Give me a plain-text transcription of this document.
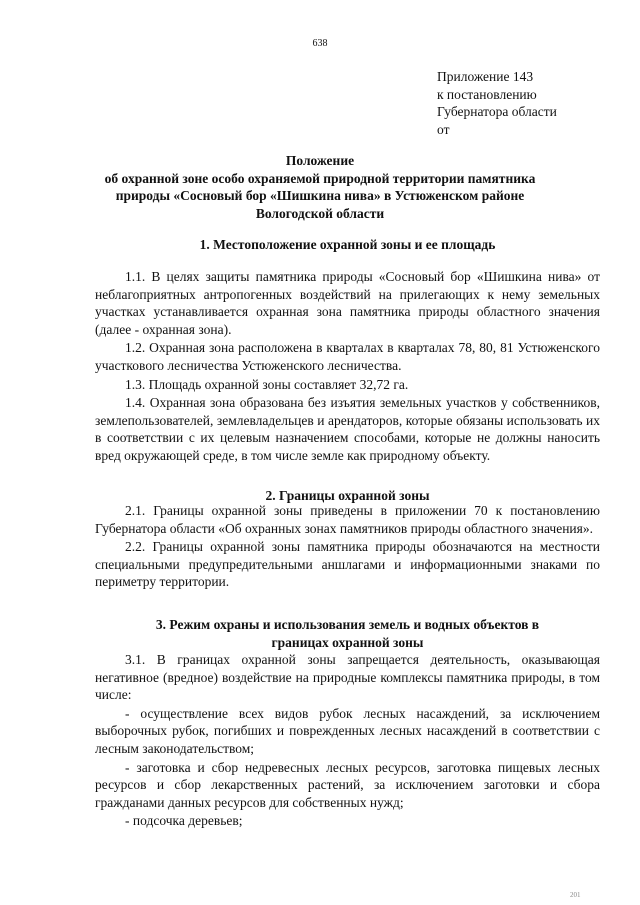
638
Приложение 143
к постановлению
Губернатора области
от
Положение
об охранной зоне особо охраняемой природной территории памятника
природы «Сосновый бор «Шишкина нива» в Устюженском районе
Вологодской области
1. Местоположение охранной зоны и ее площадь

1.1. В целях защиты памятника природы «Сосновый бор «Шишкина нива» от неблагоприятных антропогенных воздействий на прилегающих к нему земельных участках устанавливается охранная зона памятника природы областного значения (далее - охранная зона).

1.2. Охранная зона расположена в кварталах в кварталах 78, 80, 81 Устюженского участкового лесничества Устюженского лесничества.

1.3. Площадь охранной зоны составляет 32,72 га.

1.4. Охранная зона образована без изъятия земельных участков у собственников, землепользователей, землевладельцев и арендаторов, которые обязаны использовать их в соответствии с их целевым назначением способами, которые не должны наносить вред окружающей среде, в том числе земле как природному объекту.

2. Границы охранной зоны

2.1. Границы охранной зоны приведены в приложении 70 к постановлению Губернатора области «Об охранных зонах памятников природы областного значения».

2.2. Границы охранной зоны памятника природы обозначаются на местности специальными предупредительными аншлагами и информационными знаками по периметру территории.

3. Режим охраны и использования земель и водных объектов в
границах охранной зоны

3.1. В границах охранной зоны запрещается деятельность, оказывающая негативное (вредное) воздействие на природные комплексы памятника природы, в том числе:

- осуществление всех видов рубок лесных насаждений, за исключением выборочных рубок, погибших и поврежденных лесных насаждений в соответствии с лесным законодательством;

- заготовка и сбор недревесных лесных ресурсов, заготовка пищевых лесных ресурсов и сбор лекарственных растений, за исключением заготовки и сбора гражданами данных ресурсов для собственных нужд;

- подсочка деревьев;

201
